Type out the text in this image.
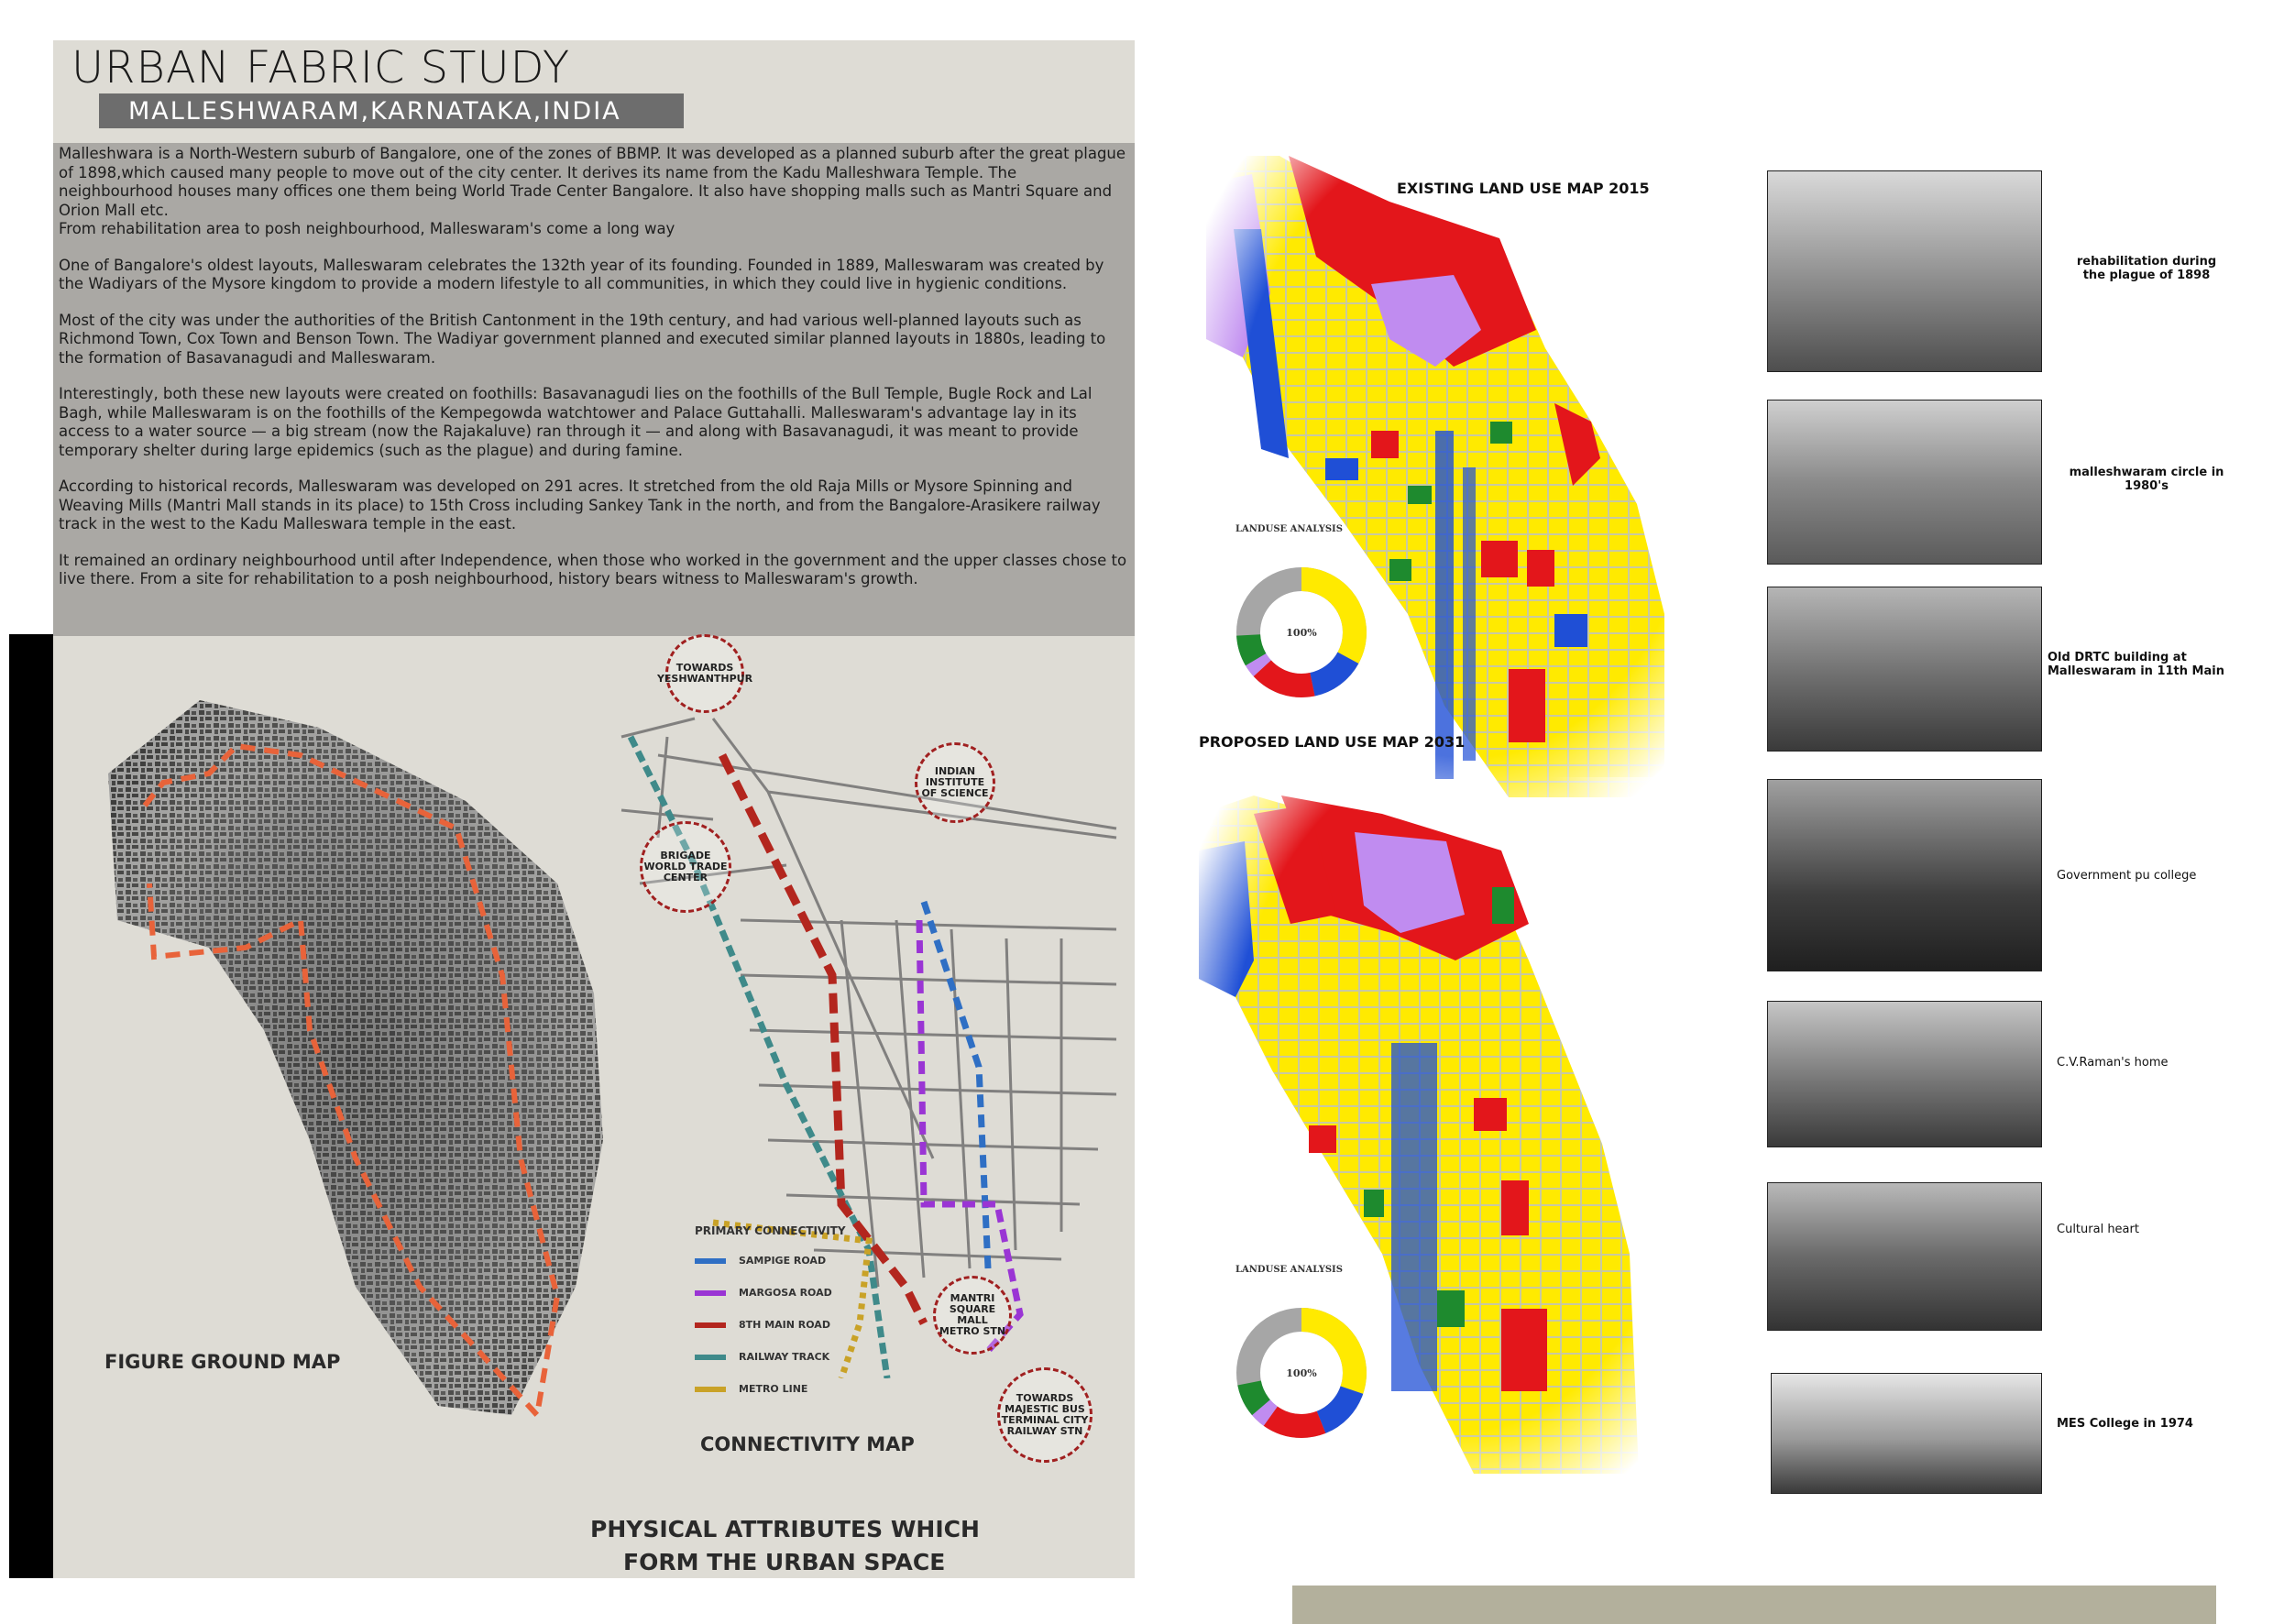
URBAN FABRIC STUDY
MALLESHWARAM,KARNATAKA,INDIA

Malleshwara is a North-Western suburb of Bangalore, one of the zones of BBMP. It was developed as a planned suburb after the great plague of 1898,which caused many people to move out of the city center. It derives its name from the Kadu Malleshwara Temple. The neighbourhood houses many offices one them being World Trade Center Bangalore. It also have shopping malls such as Mantri Square and Orion Mall etc.
From rehabilitation area to posh neighbourhood, Malleswaram's come a long way

One of Bangalore's oldest layouts, Malleswaram celebrates the 132th year of its founding. Founded in 1889, Malleswaram was created by the Wadiyars of the Mysore kingdom to provide a modern lifestyle to all communities, in which they could live in hygienic conditions.

Most of the city was under the authorities of the British Cantonment in the 19th century, and had various well-planned layouts such as Richmond Town, Cox Town and Benson Town. The Wadiyar government planned and executed similar planned layouts in 1880s, leading to the formation of Basavanagudi and Malleswaram.

Interestingly, both these new layouts were created on foothills: Basavanagudi lies on the foothills of the Bull Temple, Bugle Rock and Lal Bagh, while Malleswaram is on the foothills of the Kempegowda watchtower and Palace Guttahalli. Malleswaram's advantage lay in its access to a water source — a big stream (now the Rajakaluve) ran through it — and along with Basavanagudi, it was meant to provide temporary shelter during large epidemics (such as the plague) and during famine.

According to historical records, Malleswaram was developed on 291 acres. It stretched from the old Raja Mills or Mysore Spinning and Weaving Mills (Mantri Mall stands in its place) to 15th Cross including Sankey Tank in the north, and from the Bangalore-Arasikere railway track in the west to the Kadu Malleswara temple in the east.

It remained an ordinary neighbourhood until after Independence, when those who worked in the government and the upper classes chose to live there. From a site for rehabilitation to a posh neighbourhood, history bears witness to Malleswaram's growth.

FIGURE GROUND MAP
TOWARDS YESHWANTHPUR
INDIAN INSTITUTE OF SCIENCE
BRIGADE WORLD TRADE CENTER
MANTRI SQUARE MALL METRO STN
TOWARDS MAJESTIC BUS TERMINAL CITY RAILWAY STN
PRIMARY CONNECTIVITY
SAMPIGE ROAD
MARGOSA ROAD
8TH MAIN ROAD
RAILWAY TRACK
METRO LINE
CONNECTIVITY MAP
PHYSICAL ATTRIBUTES WHICH
FORM THE URBAN SPACE
EXISTING LAND USE MAP 2015
LANDUSE ANALYSIS
100%
PROPOSED LAND USE MAP 2031
LANDUSE ANALYSIS
100%
rehabilitation during the plague of 1898
malleshwaram circle in 1980's
Old DRTC building at Malleswaram in 11th Main
Government pu college
C.V.Raman's home
Cultural heart
MES College in 1974
